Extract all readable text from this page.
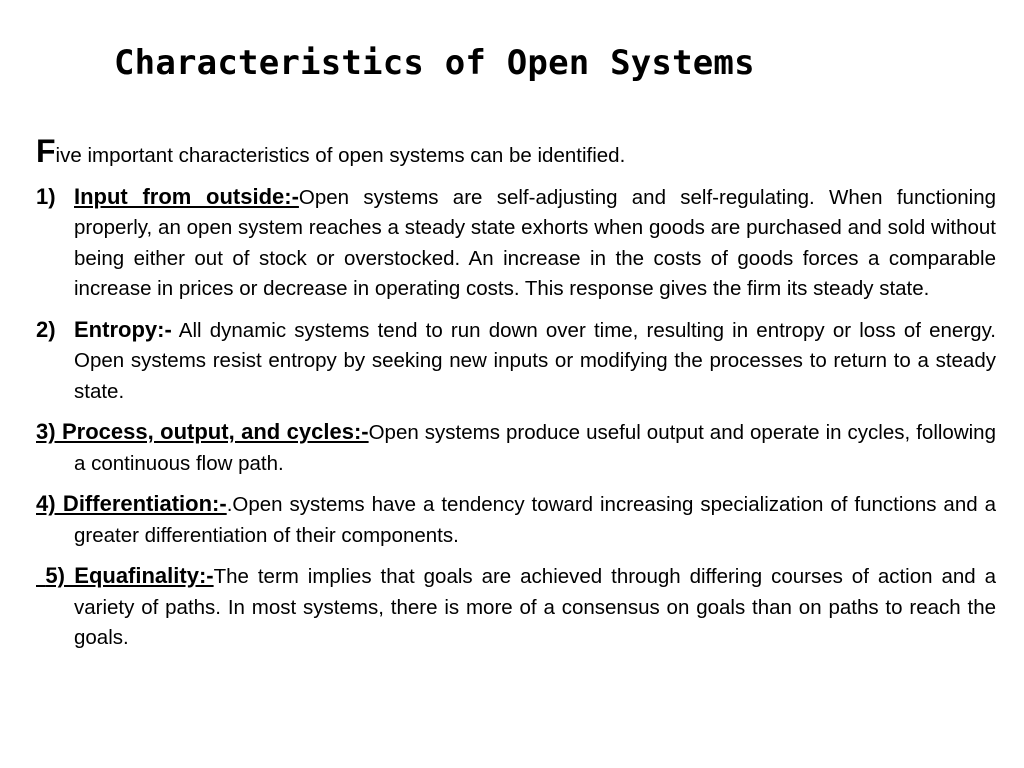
Characteristics of Open Systems

Five important characteristics of open systems can be identified.

1) Input from outside:-Open systems are self-adjusting and self-regulating. When functioning properly, an open system reaches a steady state exhorts when goods are purchased and sold without being either out of stock or overstocked. An increase in the costs of goods forces a comparable increase in prices or decrease in operating costs. This response gives the firm its steady state.
2) Entropy:- All dynamic systems tend to run down over time, resulting in entropy or loss of energy. Open systems resist entropy by seeking new inputs or modifying the processes to return to a steady state.
3) Process, output, and cycles:-Open systems produce useful output and operate in cycles, following a continuous flow path.
4) Differentiation:-.Open systems have a tendency toward increasing specialization of functions and a greater differentiation of their components.
5) Equafinality:-The term implies that goals are achieved through differing courses of action and a variety of paths. In most systems, there is more of a consensus on goals than on paths to reach the goals.
